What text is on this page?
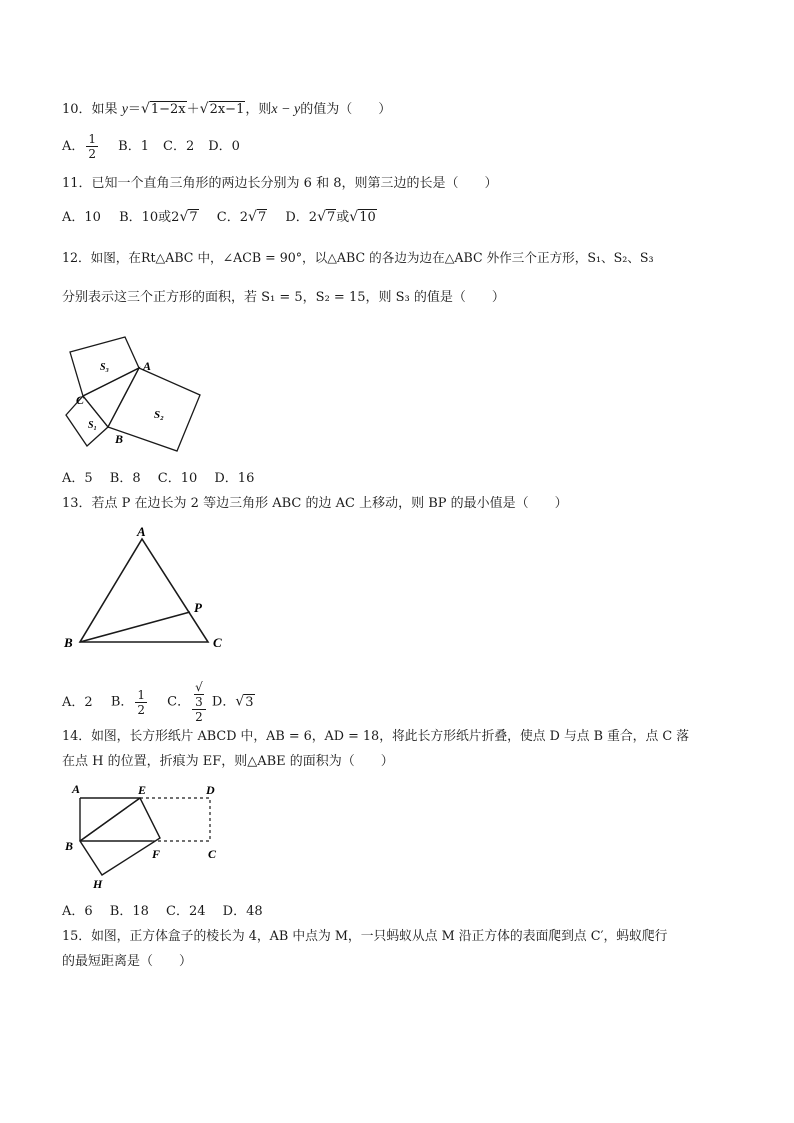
10．如果 y＝√1−2x＋√2x−1，则x − y的值为（　　）
A． $\frac{1}{2}$ B．1 C．2 D．0
11．已知一个直角三角形的两边长分别为 6 和 8，则第三边的长是（　　）
A．10 B．10或2√7 C．2√7 D．2√7或√10
12．如图，在Rt△ABC 中，∠ACB = 90°，以△ABC 的各边为边在△ABC 外作三个正方形，S₁、S₂、S₃
分别表示这三个正方形的面积，若 S₁ = 5，S₂ = 15，则 S₃ 的值是（　　）
S₃
S₁
S₂
A
C
B
A．5　 B．8　 C．10　 D．16
13．若点 P 在边长为 2 等边三角形 ABC 的边 AC 上移动，则 BP 的最小值是（　　）
A
B	C
P
A．2 B． $\frac{1}{2}$ C． √
3
2 D．√3
14．如图，长方形纸片 ABCD 中，AB = 6，AD = 18，将此长方形纸片折叠，使点 D 与点 B 重合，点 C 落
在点 H 的位置，折痕为 EF，则△ABE 的面积为（　　）
A	E	D
B
F	C
H
A．6　 B．18　 C．24　 D．48
15．如图，正方体盒子的棱长为 4，AB 中点为 M，一只蚂蚁从点 M 沿正方体的表面爬到点 C′，蚂蚁爬行
的最短距离是（　　）
